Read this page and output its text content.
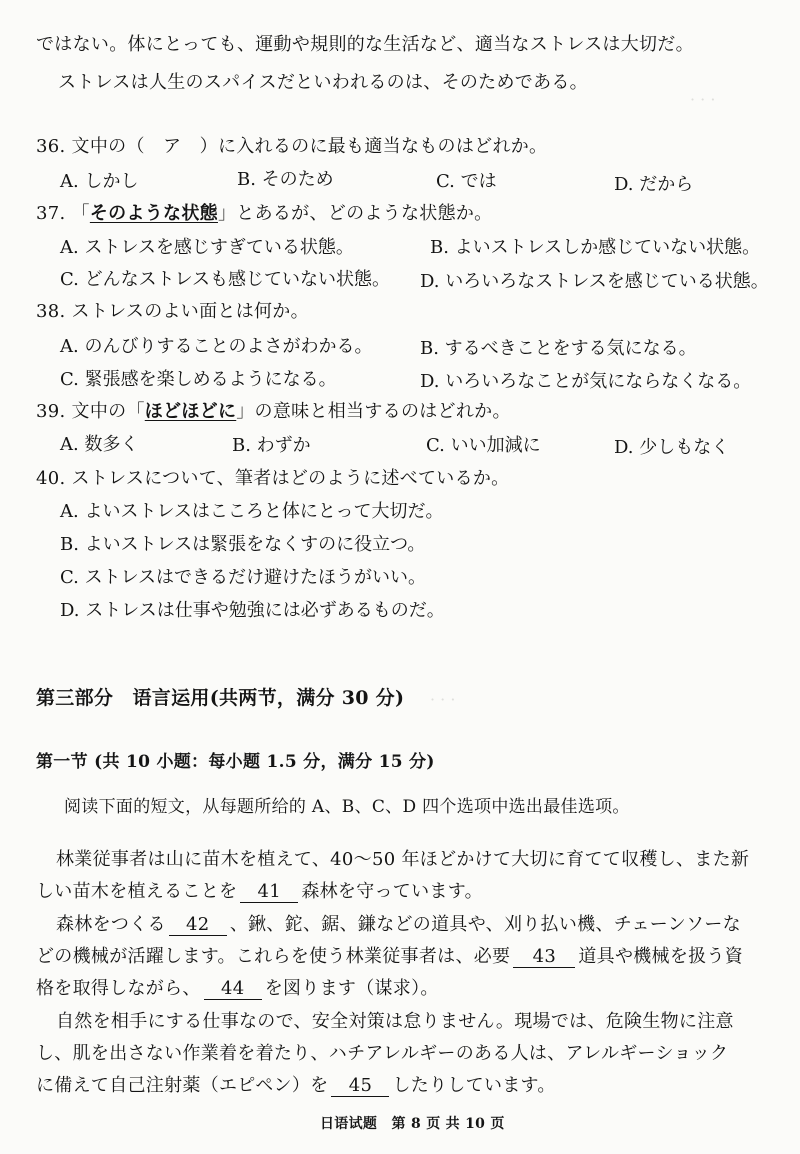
· · ·
· · ·
ではない。体にとっても、運動や規則的な生活など、適当なストレスは大切だ。
ストレスは人生のスパイスだといわれるのは、そのためである。
36. 文中の（　ア　）に入れるのに最も適当なものはどれか。
A. しかし	B. そのため	C. では	D. だから
37. 「そのような状態」とあるが、どのような状態か。
A. ストレスを感じすぎている状態。	B. よいストレスしか感じていない状態。
C. どんなストレスも感じていない状態。 D. いろいろなストレスを感じている状態。
38. ストレスのよい面とは何か。
A. のんびりすることのよさがわかる。	B. するべきことをする気になる。
C. 緊張感を楽しめるようになる。	D. いろいろなことが気にならなくなる。
39. 文中の「ほどほどに」の意味と相当するのはどれか。
A. 数多く	B. わずか	C. いい加減に	D. 少しもなく
40. ストレスについて、筆者はどのように述べているか。
A. よいストレスはこころと体にとって大切だ。
B. よいストレスは緊張をなくすのに役立つ。
C. ストレスはできるだけ避けたほうがいい。
D. ストレスは仕事や勉強には必ずあるものだ。
第三部分　语言运用(共两节，满分 30 分)
第一节 (共 10 小题：每小题 1.5 分，满分 15 分)
阅读下面的短文，从每题所给的 A、B、C、D 四个选项中选出最佳选项。
林業従事者は山に苗木を植えて、40～50 年ほどかけて大切に育てて収穫し、また新
しい苗木を植えることを 41 森林を守っています。
森林をつくる 42 、鍬、鉈、鋸、鎌などの道具や、刈り払い機、チェーンソーな
どの機械が活躍します。これらを使う林業従事者は、必要 43 道具や機械を扱う資
格を取得しながら、 44 を図ります（谋求）。
自然を相手にする仕事なので、安全対策は怠りません。現場では、危険生物に注意
し、肌を出さない作業着を着たり、ハチアレルギーのある人は、アレルギーショック
に備えて自己注射薬（エピペン）を 45 したりしています。
日语试题　第 8 页 共 10 页
